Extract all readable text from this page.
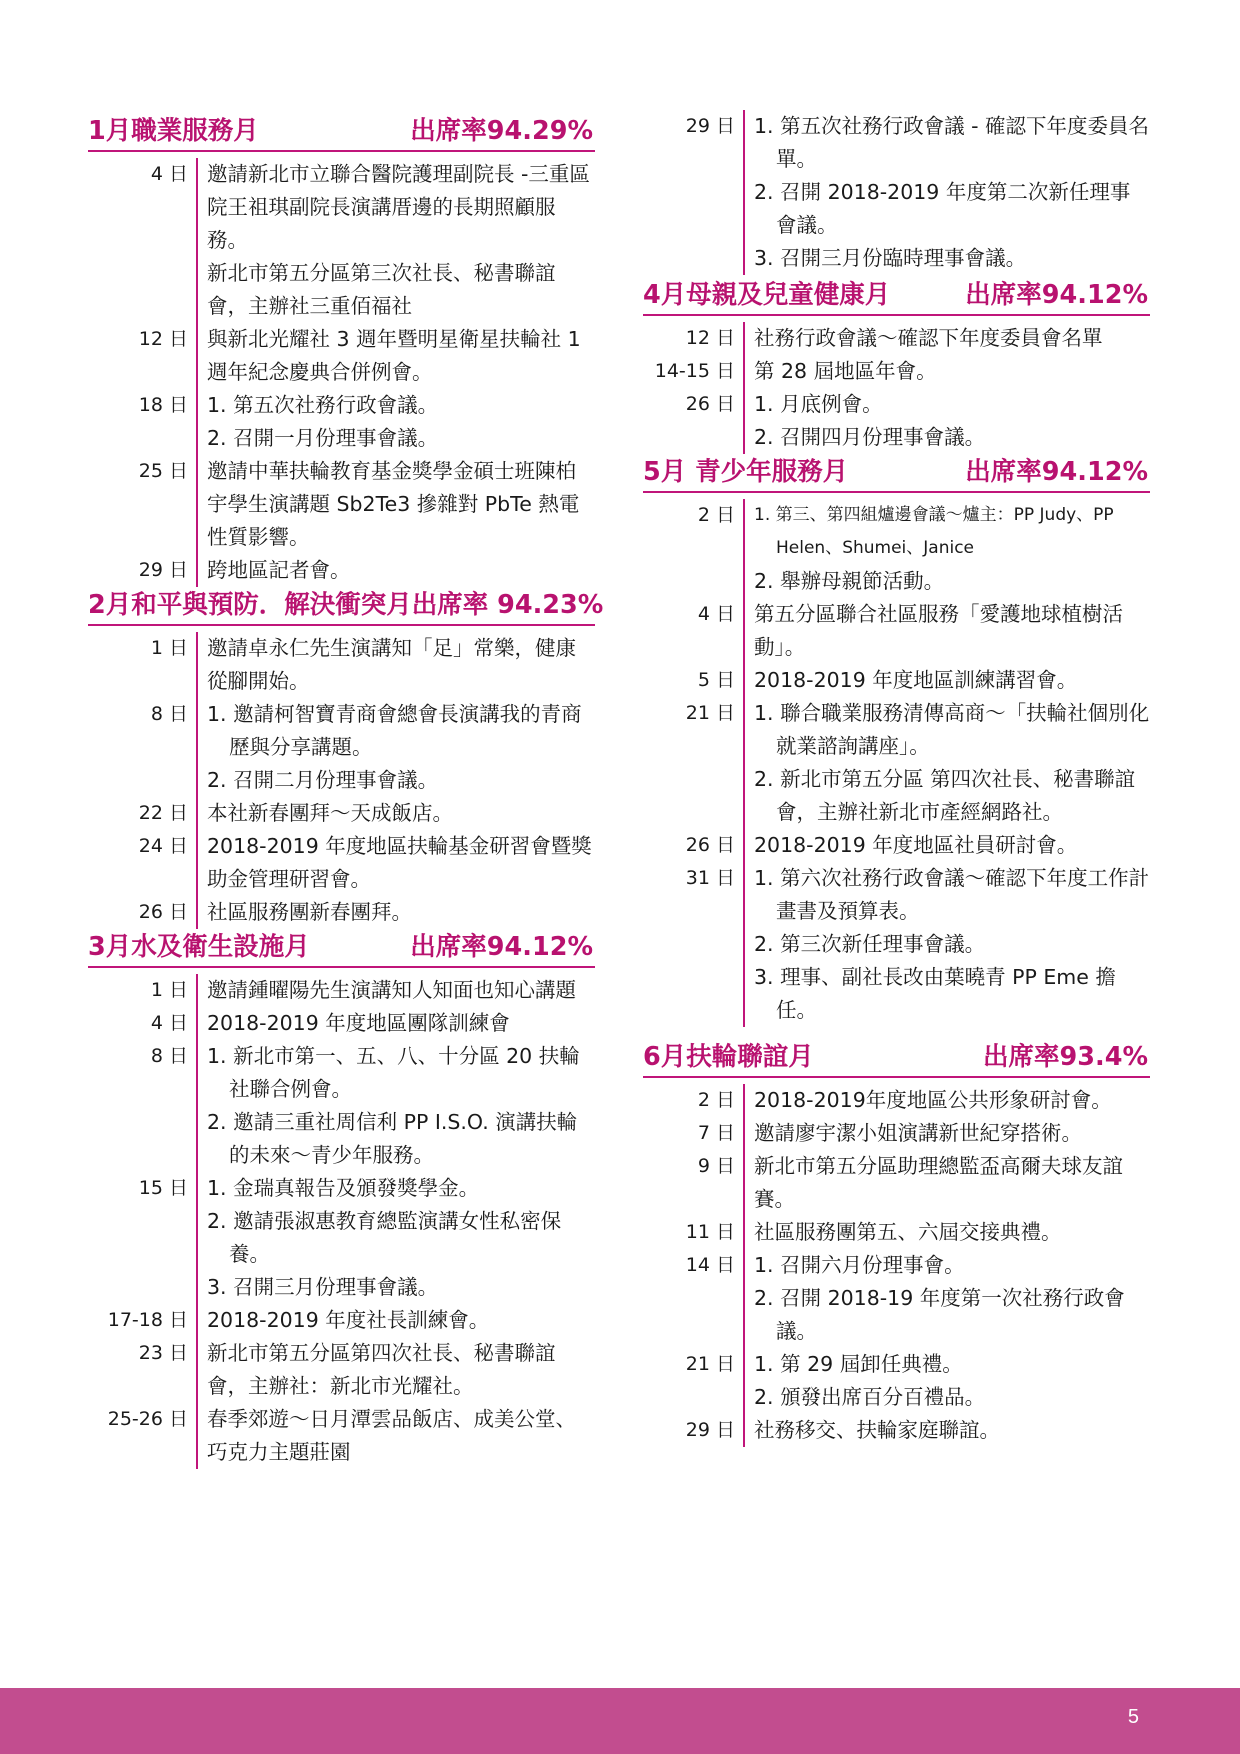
1月職業服務月	出席率94.29%
4 日 邀請新北市立聯合醫院護理副院長 -三重區院王祖琪副院長演講厝邊的長期照顧服務。
新北市第五分區第三次社長、秘書聯誼會，主辦社三重佰福社
12 日 與新北光耀社 3 週年暨明星衛星扶輪社 1 週年紀念慶典合併例會。
18 日 1. 第五次社務行政會議。
2. 召開一月份理事會議。
25 日 邀請中華扶輪教育基金獎學金碩士班陳柏宇學生演講題 Sb2Te3 摻雜對 PbTe 熱電性質影響。
29 日 跨地區記者會。
2月和平與預防．解決衝突月 出席率 94.23%
1 日 邀請卓永仁先生演講知「足」常樂，健康從腳開始。
8 日 1. 邀請柯智寶青商會總會長演講我的青商歷與分享講題。
2. 召開二月份理事會議。
22 日 本社新春團拜～天成飯店。
24 日 2018-2019 年度地區扶輪基金研習會暨獎助金管理研習會。
26 日 社區服務團新春團拜。
3月水及衛生設施月	出席率94.12%
1 日 邀請鍾曜陽先生演講知人知面也知心講題
4 日 2018-2019 年度地區團隊訓練會
8 日 1. 新北市第一、五、八、十分區 20 扶輪社聯合例會。
2. 邀請三重社周信利 PP I.S.O. 演講扶輪的未來～青少年服務。
15 日 1. 金瑞真報告及頒發獎學金。
2. 邀請張淑惠教育總監演講女性私密保養。
3. 召開三月份理事會議。
17-18 日 2018-2019 年度社長訓練會。
23 日 新北市第五分區第四次社長、秘書聯誼會，主辦社：新北市光耀社。
25-26 日 春季郊遊～日月潭雲品飯店、成美公堂、巧克力主題莊園
29 日 1. 第五次社務行政會議 - 確認下年度委員名單。
2. 召開 2018-2019 年度第二次新任理事會議。
3. 召開三月份臨時理事會議。
4月母親及兒童健康月	出席率94.12%
12 日 社務行政會議～確認下年度委員會名單
14-15 日 第 28 屆地區年會。
26 日 1. 月底例會。
2. 召開四月份理事會議。
5月 青少年服務月	出席率94.12%
2 日 1. 第三、第四組爐邊會議～爐主：PP Judy、PP Helen、Shumei、Janice
2. 舉辦母親節活動。
4 日 第五分區聯合社區服務「愛護地球植樹活動」。
5 日 2018-2019 年度地區訓練講習會。
21 日 1. 聯合職業服務清傳高商～「扶輪社個別化就業諮詢講座」。
2. 新北市第五分區 第四次社長、秘書聯誼會，主辦社新北市產經網路社。
26 日 2018-2019 年度地區社員研討會。
31 日 1. 第六次社務行政會議～確認下年度工作計畫書及預算表。
2. 第三次新任理事會議。
3. 理事、副社長改由葉曉青 PP Eme 擔任。
6月扶輪聯誼月	出席率93.4%
2 日 2018-2019年度地區公共形象研討會。
7 日 邀請廖宇潔小姐演講新世紀穿搭術。
9 日 新北市第五分區助理總監盃高爾夫球友誼賽。
11 日 社區服務團第五、六屆交接典禮。
14 日 1. 召開六月份理事會。
2. 召開 2018-19 年度第一次社務行政會議。
21 日 1. 第 29 屆卸任典禮。
2. 頒發出席百分百禮品。
29 日 社務移交、扶輪家庭聯誼。
5
